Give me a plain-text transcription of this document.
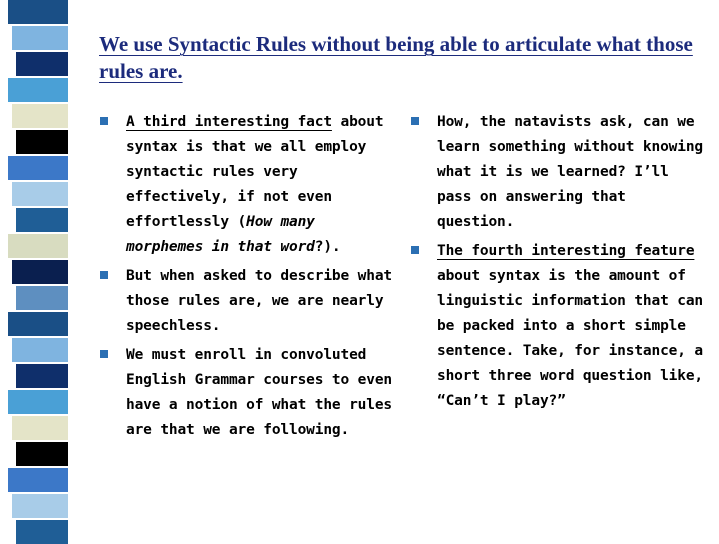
We use Syntactic Rules without being able to articulate what those rules are.
A third interesting fact about syntax is that we all employ syntactic rules very effectively, if not even effortlessly (How many morphemes in that word?).
But when asked to describe what those rules are, we are nearly speechless.
We must enroll in convoluted English Grammar courses to even have a notion of what the rules are that we are following.
How, the natavists ask, can we learn something without knowing what it is we learned? I’ll pass on answering that question.
The fourth interesting feature about syntax is the amount of linguistic information that can be packed into a short simple sentence. Take, for instance, a short three word question like, “Can’t I play?”
